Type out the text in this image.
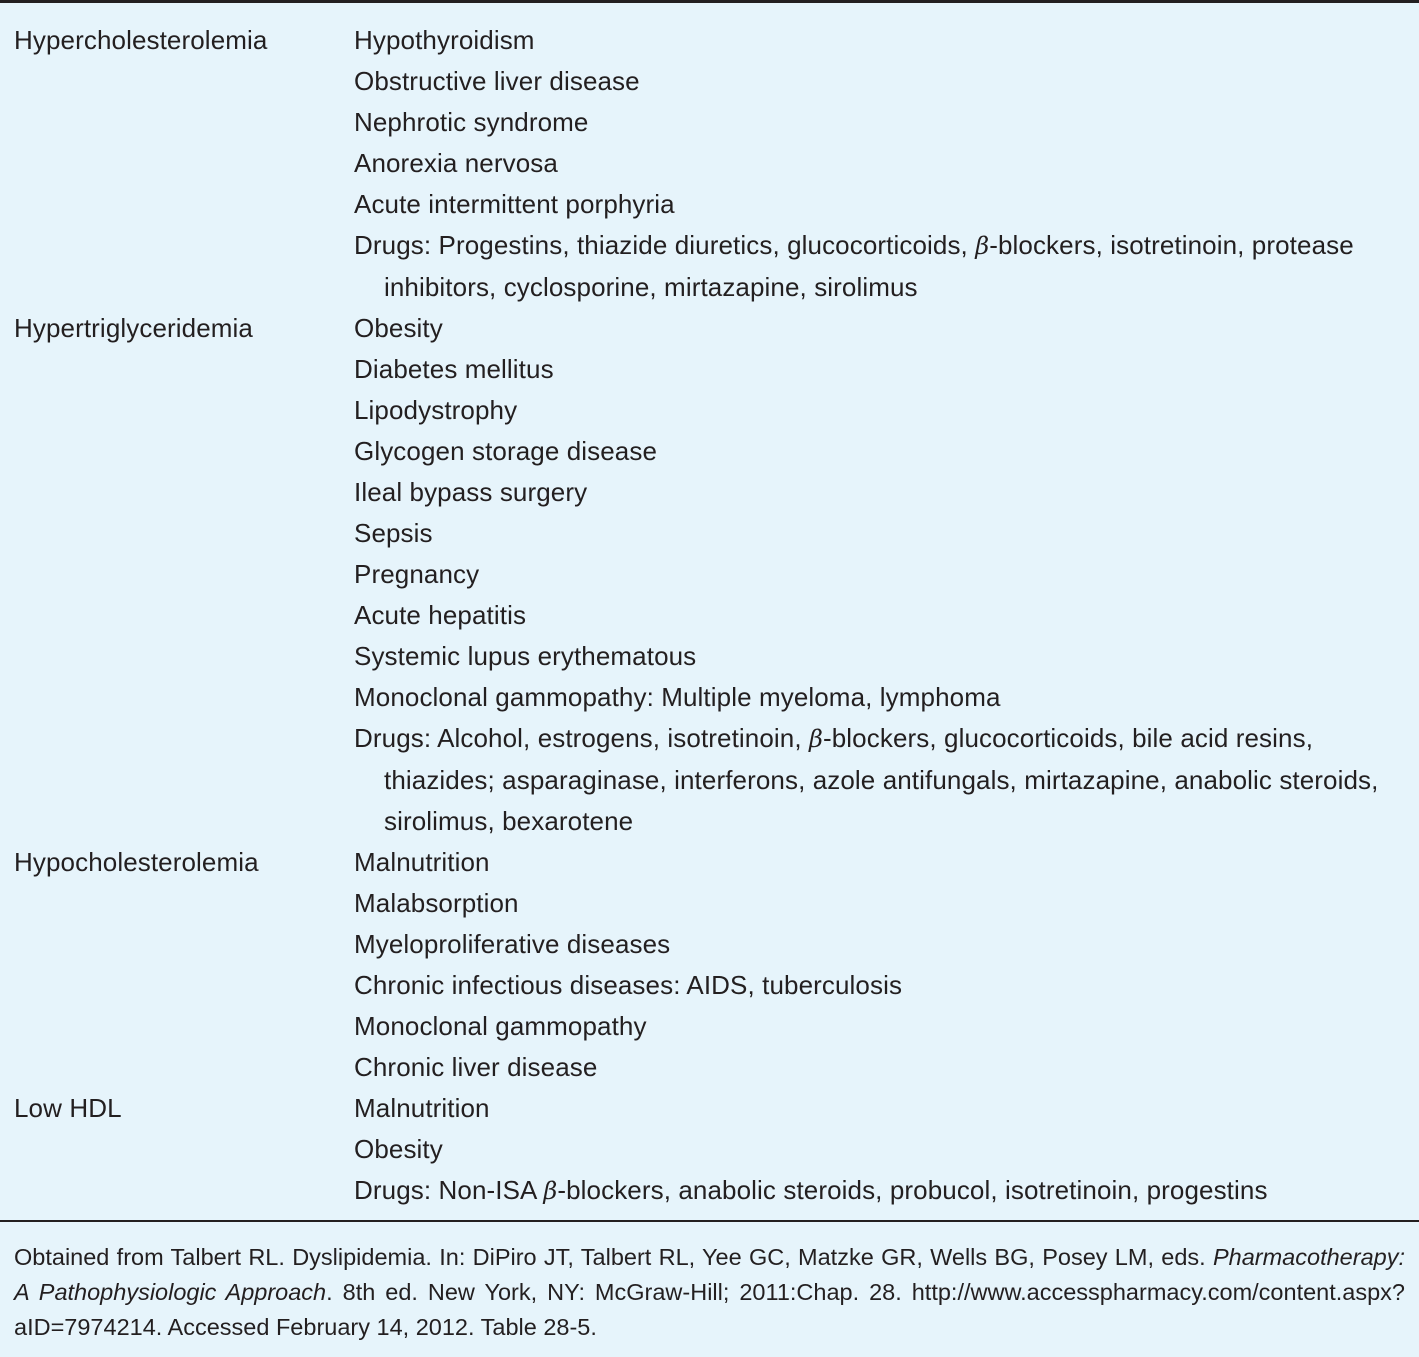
Hypercholesterolemia	Hypothyroidism
Obstructive liver disease
Nephrotic syndrome
Anorexia nervosa
Acute intermittent porphyria
Drugs: Progestins, thiazide diuretics, glucocorticoids, β-blockers, isotretinoin, protease inhibitors, cyclosporine, mirtazapine, sirolimus
Hypertriglyceridemia	Obesity
Diabetes mellitus
Lipodystrophy
Glycogen storage disease
Ileal bypass surgery
Sepsis
Pregnancy
Acute hepatitis
Systemic lupus erythematous
Monoclonal gammopathy: Multiple myeloma, lymphoma
Drugs: Alcohol, estrogens, isotretinoin, β-blockers, glucocorticoids, bile acid resins, thiazides; asparaginase, interferons, azole antifungals, mirtazapine, anabolic steroids, sirolimus, bexarotene
Hypocholesterolemia	Malnutrition
Malabsorption
Myeloproliferative diseases
Chronic infectious diseases: AIDS, tuberculosis
Monoclonal gammopathy
Chronic liver disease
Low HDL	Malnutrition
Obesity
Drugs: Non-ISA β-blockers, anabolic steroids, probucol, isotretinoin, progestins
Obtained from Talbert RL. Dyslipidemia. In: DiPiro JT, Talbert RL, Yee GC, Matzke GR, Wells BG, Posey LM, eds. Pharmacotherapy: A Pathophysiologic Approach. 8th ed. New York, NY: McGraw-Hill; 2011:Chap. 28. http://www.accesspharmacy.com/content.aspx?aID=7974214. Accessed February 14, 2012. Table 28-5.
